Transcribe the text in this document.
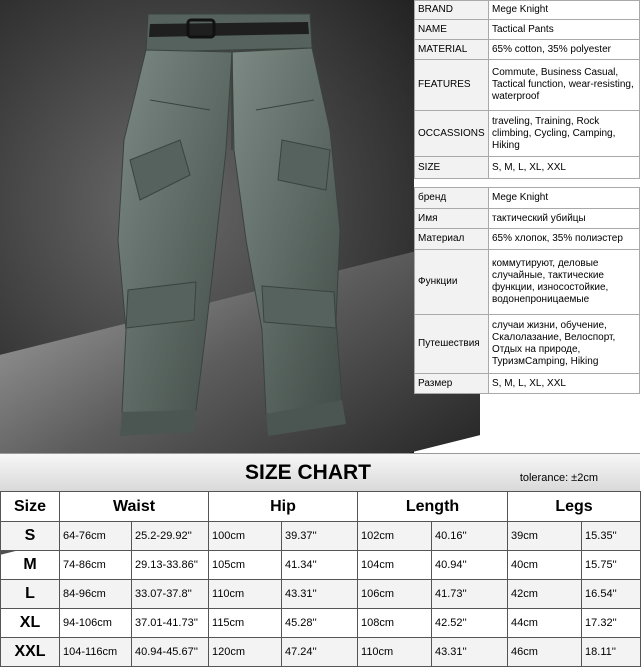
BRAND	Mege Knight
NAME	Tactical Pants
MATERIAL	65% cotton, 35% polyester
FEATURES	Commute, Business Casual, Tactical function, wear-resisting, waterproof
OCCASSIONS	traveling, Training, Rock climbing, Cycling, Camping, Hiking
SIZE	S, M, L, XL, XXL
бренд	Mege Knight
Имя	тактический убийцы
Материал	65% хлопок, 35% полиэстер
Функции	коммутируют, деловые случайные, тактические функции, износостойкие, водонепроницаемые
Путешествия	случаи жизни, обучение, Скалолазание, Велоспорт, Отдых на природе, ТуризмCamping, Hiking
Размер	S, M, L, XL, XXL
SIZE CHART	tolerance: ±2cm
Size	Waist		Hip		Length		Legs	
S	64-76cm	25.2-29.92''	100cm	39.37''	102cm	40.16''	39cm	15.35''
M	74-86cm	29.13-33.86''	105cm	41.34''	104cm	40.94''	40cm	15.75''
L	84-96cm	33.07-37.8''	110cm	43.31''	106cm	41.73''	42cm	16.54''
XL	94-106cm	37.01-41.73''	115cm	45.28''	108cm	42.52''	44cm	17.32''
XXL	104-116cm	40.94-45.67''	120cm	47.24''	110cm	43.31''	46cm	18.11''
